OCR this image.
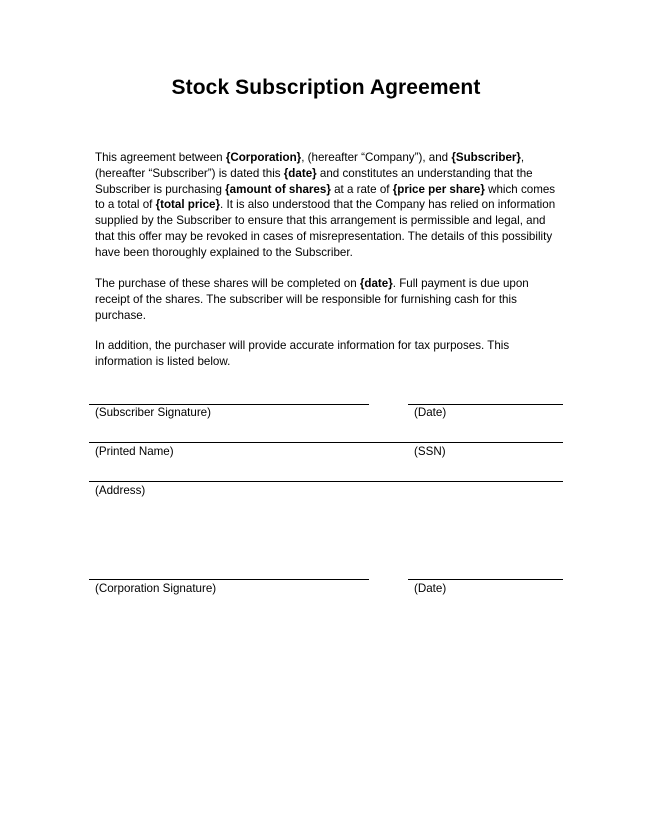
Stock Subscription Agreement

This agreement between {Corporation}, (hereafter “Company”), and {Subscriber}, (hereafter “Subscriber”) is dated this {date} and constitutes an understanding that the Subscriber is purchasing {amount of shares} at a rate of {price per share} which comes to a total of {total price}. It is also understood that the Company has relied on information supplied by the Subscriber to ensure that this arrangement is permissible and legal, and that this offer may be revoked in cases of misrepresentation. The details of this possibility have been thoroughly explained to the Subscriber.

The purchase of these shares will be completed on {date}. Full payment is due upon receipt of the shares. The subscriber will be responsible for furnishing cash for this purchase.

In addition, the purchaser will provide accurate information for tax purposes. This information is listed below.

(Subscriber Signature)	(Date)
(Printed Name)	(SSN)
(Address)
(Corporation Signature)	(Date)
